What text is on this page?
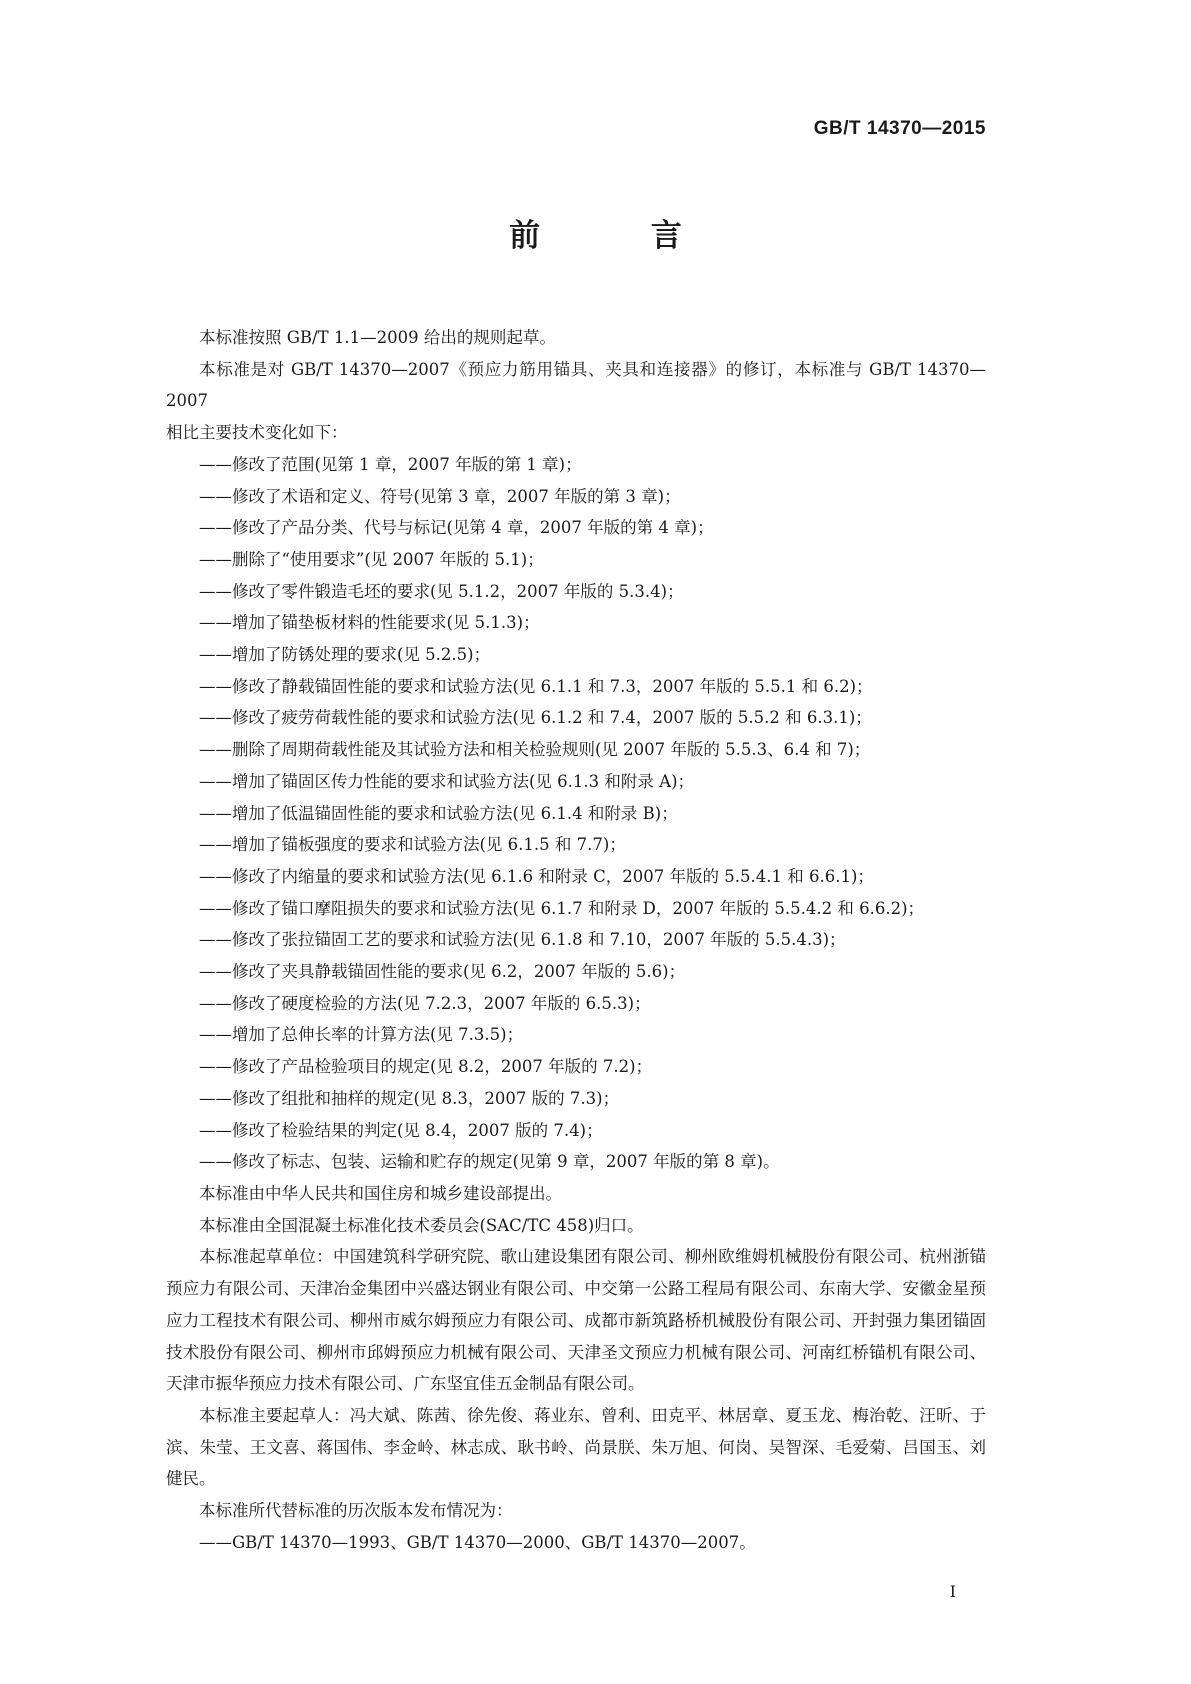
GB/T 14370—2015
前 言

本标准按照 GB/T 1.1—2009 给出的规则起草。

本标准是对 GB/T 14370—2007《预应力筋用锚具、夹具和连接器》的修订，本标准与 GB/T 14370—2007

相比主要技术变化如下：

——修改了范围(见第 1 章，2007 年版的第 1 章)；

——修改了术语和定义、符号(见第 3 章，2007 年版的第 3 章)；

——修改了产品分类、代号与标记(见第 4 章，2007 年版的第 4 章)；

——删除了“使用要求”(见 2007 年版的 5.1)；

——修改了零件锻造毛坯的要求(见 5.1.2，2007 年版的 5.3.4)；

——增加了锚垫板材料的性能要求(见 5.1.3)；

——增加了防锈处理的要求(见 5.2.5)；

——修改了静载锚固性能的要求和试验方法(见 6.1.1 和 7.3，2007 年版的 5.5.1 和 6.2)；

——修改了疲劳荷载性能的要求和试验方法(见 6.1.2 和 7.4，2007 版的 5.5.2 和 6.3.1)；

——删除了周期荷载性能及其试验方法和相关检验规则(见 2007 年版的 5.5.3、6.4 和 7)；

——增加了锚固区传力性能的要求和试验方法(见 6.1.3 和附录 A)；

——增加了低温锚固性能的要求和试验方法(见 6.1.4 和附录 B)；

——增加了锚板强度的要求和试验方法(见 6.1.5 和 7.7)；

——修改了内缩量的要求和试验方法(见 6.1.6 和附录 C，2007 年版的 5.5.4.1 和 6.6.1)；

——修改了锚口摩阻损失的要求和试验方法(见 6.1.7 和附录 D，2007 年版的 5.5.4.2 和 6.6.2)；

——修改了张拉锚固工艺的要求和试验方法(见 6.1.8 和 7.10，2007 年版的 5.5.4.3)；

——修改了夹具静载锚固性能的要求(见 6.2，2007 年版的 5.6)；

——修改了硬度检验的方法(见 7.2.3，2007 年版的 6.5.3)；

——增加了总伸长率的计算方法(见 7.3.5)；

——修改了产品检验项目的规定(见 8.2，2007 年版的 7.2)；

——修改了组批和抽样的规定(见 8.3，2007 版的 7.3)；

——修改了检验结果的判定(见 8.4，2007 版的 7.4)；

——修改了标志、包装、运输和贮存的规定(见第 9 章，2007 年版的第 8 章)。

本标准由中华人民共和国住房和城乡建设部提出。

本标准由全国混凝土标准化技术委员会(SAC/TC 458)归口。

本标准起草单位：中国建筑科学研究院、歌山建设集团有限公司、柳州欧维姆机械股份有限公司、杭州浙锚预应力有限公司、天津冶金集团中兴盛达钢业有限公司、中交第一公路工程局有限公司、东南大学、安徽金星预应力工程技术有限公司、柳州市威尔姆预应力有限公司、成都市新筑路桥机械股份有限公司、开封强力集团锚固技术股份有限公司、柳州市邱姆预应力机械有限公司、天津圣文预应力机械有限公司、河南红桥锚机有限公司、天津市振华预应力技术有限公司、广东坚宜佳五金制品有限公司。

本标准主要起草人：冯大斌、陈茜、徐先俊、蒋业东、曾利、田克平、林居章、夏玉龙、梅治乾、汪昕、于滨、朱莹、王文喜、蒋国伟、李金岭、林志成、耿书岭、尚景朕、朱万旭、何岗、吴智深、毛爱菊、吕国玉、刘健民。

本标准所代替标准的历次版本发布情况为：

——GB/T 14370—1993、GB/T 14370—2000、GB/T 14370—2007。

I
